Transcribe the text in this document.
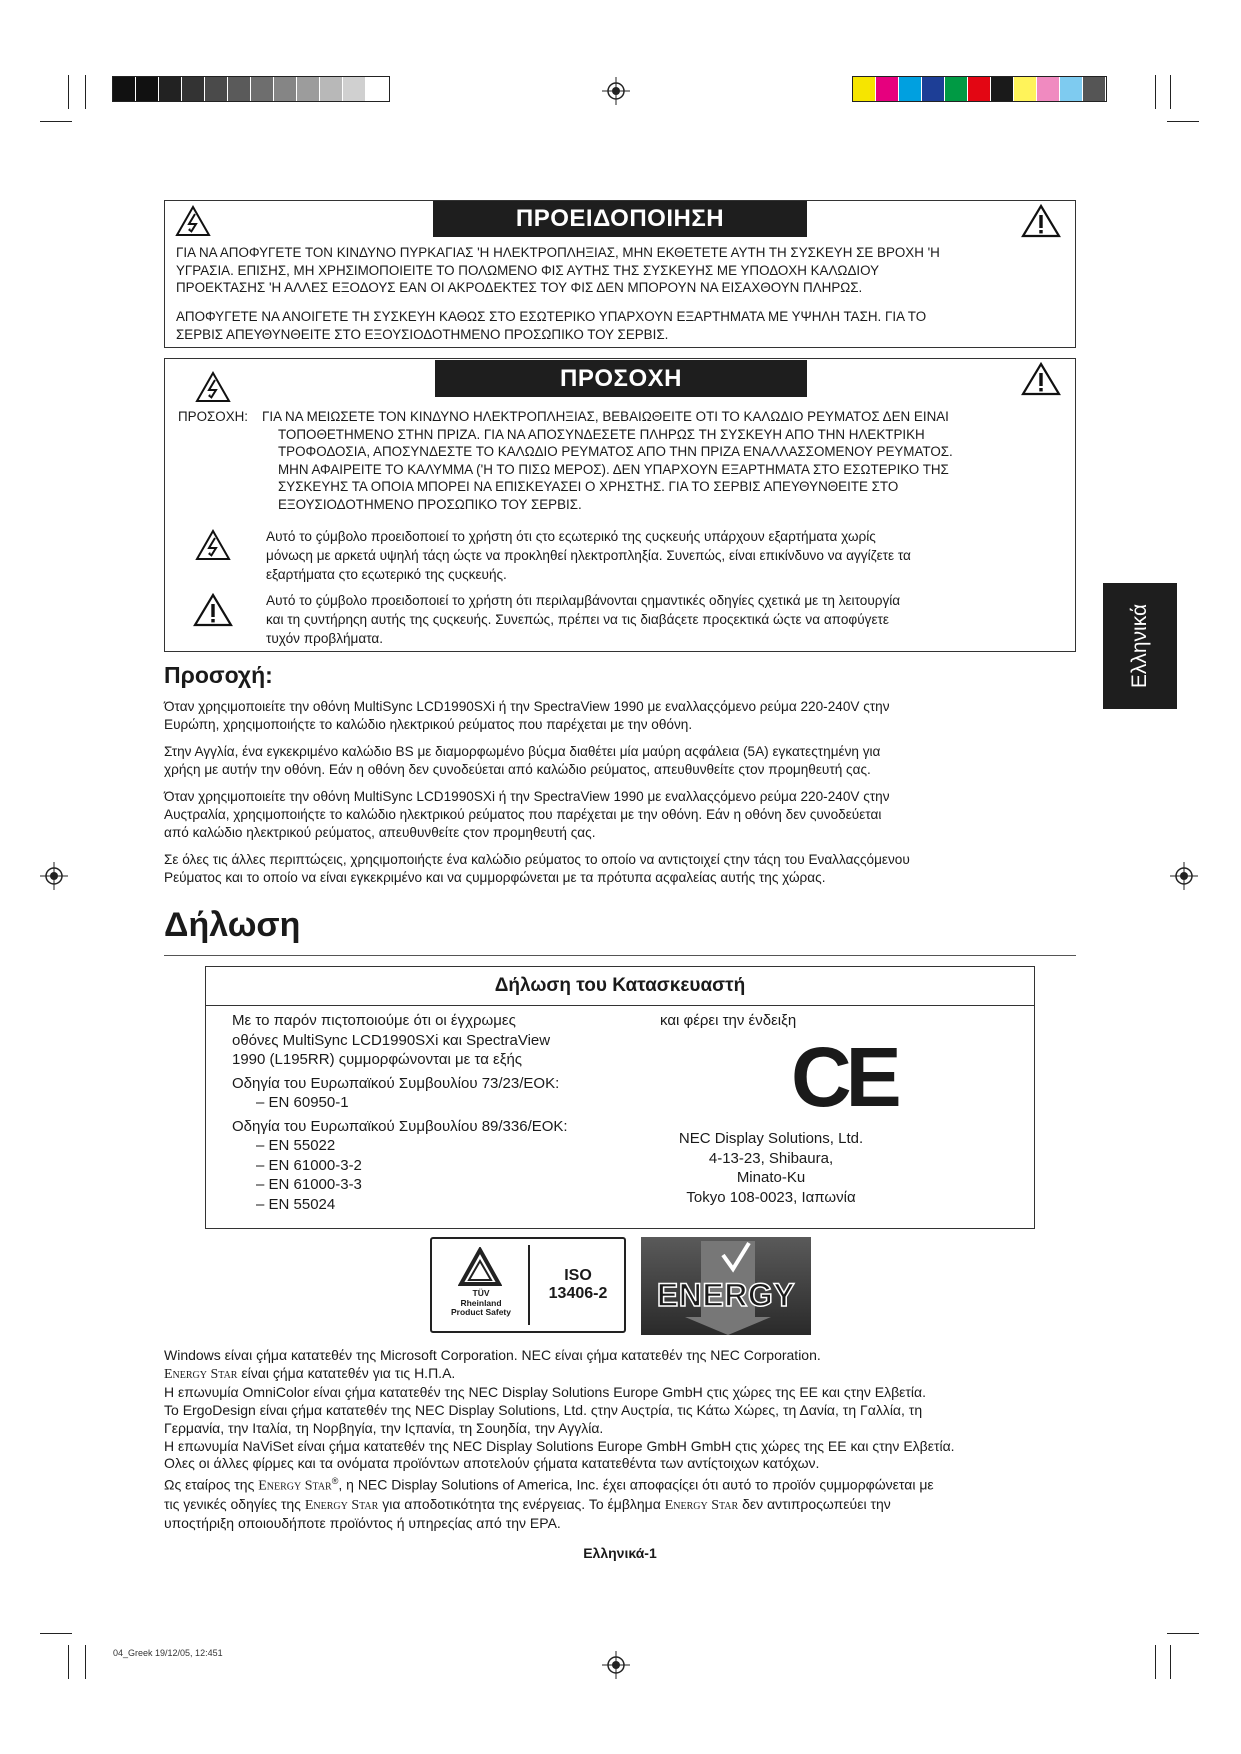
04_Greek 19/12/05, 12:451
ΠΡΟΕΙΔΟΠΟΙΗΣΗ
ΓΙΑ ΝΑ ΑΠΟΦΥΓΕΤΕ ΤΟΝ ΚΙΝΔΥΝΟ ΠΥΡΚΑΓΙΑΣ 'Η ΗΛΕΚΤΡΟΠΛΗΞΙΑΣ, ΜΗΝ ΕΚΘΕΤΕΤΕ ΑΥΤΗ ΤΗ ΣΥΣΚΕΥΗ ΣΕ ΒΡΟΧΗ 'Η
ΥΓΡΑΣΙΑ. ΕΠΙΣΗΣ, ΜΗ ΧΡΗΣΙΜΟΠΟΙΕΙΤΕ ΤΟ ΠΟΛΩΜΕΝΟ ΦΙΣ ΑΥΤΗΣ ΤΗΣ ΣΥΣΚΕΥΗΣ ΜΕ ΥΠΟΔΟΧΗ ΚΑΛΩΔΙΟΥ
ΠΡΟΕΚΤΑΣΗΣ 'Η ΑΛΛΕΣ ΕΞΟΔΟΥΣ ΕΑΝ ΟΙ ΑΚΡΟΔΕΚΤΕΣ ΤΟΥ ΦΙΣ ΔΕΝ ΜΠΟΡΟΥΝ ΝΑ ΕΙΣΑΧΘΟΥΝ ΠΛΗΡΩΣ.
ΑΠΟΦΥΓΕΤΕ ΝΑ ΑΝΟΙΓΕΤΕ ΤΗ ΣΥΣΚΕΥΗ ΚΑΘΩΣ ΣΤΟ ΕΣΩΤΕΡΙΚΟ ΥΠΑΡΧΟΥΝ ΕΞΑΡΤΗΜΑΤΑ ΜΕ ΥΨΗΛΗ ΤΑΣΗ. ΓΙΑ ΤΟ
ΣΕΡΒΙΣ ΑΠΕΥΘΥΝΘΕΙΤΕ ΣΤΟ ΕΞΟΥΣΙΟΔΟΤΗΜΕΝΟ ΠΡΟΣΩΠΙΚΟ ΤΟΥ ΣΕΡΒΙΣ.
ΠΡΟΣΟΧΗ
ΠΡΟΣΟΧΗ:	ΓΙΑ ΝΑ ΜΕΙΩΣΕΤΕ ΤΟΝ ΚΙΝΔΥΝΟ ΗΛΕΚΤΡΟΠΛΗΞΙΑΣ, ΒΕΒΑΙΩΘΕΙΤΕ ΟΤΙ ΤΟ ΚΑΛΩΔΙΟ ΡΕΥΜΑΤΟΣ ΔΕΝ ΕΙΝΑΙ
ΤΟΠΟΘΕΤΗΜΕΝΟ ΣΤΗΝ ΠΡΙΖΑ. ΓΙΑ ΝΑ ΑΠΟΣΥΝΔΕΣΕΤΕ ΠΛΗΡΩΣ ΤΗ ΣΥΣΚΕΥΗ ΑΠΟ ΤΗΝ ΗΛΕΚΤΡΙΚΗ
ΤΡΟΦΟΔΟΣΙΑ, ΑΠΟΣΥΝΔΕΣΤΕ ΤΟ ΚΑΛΩΔΙΟ ΡΕΥΜΑΤΟΣ ΑΠΟ ΤΗΝ ΠΡΙΖΑ ΕΝΑΛΛΑΣΣΟΜΕΝΟΥ ΡΕΥΜΑΤΟΣ.
ΜΗΝ ΑΦΑΙΡΕΙΤΕ ΤΟ ΚΑΛΥΜΜΑ ('Η ΤΟ ΠΙΣΩ ΜΕΡΟΣ). ΔΕΝ ΥΠΑΡΧΟΥΝ ΕΞΑΡΤΗΜΑΤΑ ΣΤΟ ΕΣΩΤΕΡΙΚΟ ΤΗΣ
ΣΥΣΚΕΥΗΣ ΤΑ ΟΠΟΙΑ ΜΠΟΡΕΙ ΝΑ ΕΠΙΣΚΕΥΑΣΕΙ Ο ΧΡΗΣΤΗΣ. ΓΙΑ ΤΟ ΣΕΡΒΙΣ ΑΠΕΥΘΥΝΘΕΙΤΕ ΣΤΟ
ΕΞΟΥΣΙΟΔΟΤΗΜΕΝΟ ΠΡΟΣΩΠΙΚΟ ΤΟΥ ΣΕΡΒΙΣ.
Αυτό το çύμβολο προειδοποιεί το χρήστη ότι ςτο εςωτερικό της ςυςκευής υπάρχουν εξαρτήματα χωρίς
μόνωςη με αρκετά υψηλή τάςη ώςτε να προκληθεί ηλεκτροπληξία. Συνεπώς, είναι επικίνδυνο να αγγίζετε τα
εξαρτήματα ςτο εςωτερικό της ςυςκευής.
Αυτό το çύμβολο προειδοποιεί το χρήστη ότι περιλαμβάνονται ςημαντικές οδηγίες ςχετικά με τη λειτουργία
και τη ςυντήρηςη αυτής της ςυςκευής. Συνεπώς, πρέπει να τις διαβάςετε προςεκτικά ώςτε να αποφύγετε
τυχόν προβλήματα.	Ελληνικά
Προσοχή:

Όταν χρηςιμοποιείτε την οθόνη MultiSync LCD1990SXi ή την SpectraView 1990 με εναλλαςςόμενο ρεύμα 220-240V ςτην
Ευρώπη, χρηςιμοποιήςτε το καλώδιο ηλεκτρικού ρεύματος που παρέχεται με την οθόνη.

Στην Αγγλία, ένα εγκεκριμένο καλώδιο BS με διαμορφωμένο βύςμα διαθέτει μία μαύρη αςφάλεια (5A) εγκατεςτημένη για
χρήςη με αυτήν την οθόνη. Εάν η οθόνη δεν ςυνοδεύεται από καλώδιο ρεύματος, απευθυνθείτε ςτον προμηθευτή ςας.

Όταν χρηςιμοποιείτε την οθόνη MultiSync LCD1990SXi ή την SpectraView 1990 με εναλλαςςόμενο ρεύμα 220-240V ςτην
Αυςτραλία, χρηςιμοποιήςτε το καλώδιο ηλεκτρικού ρεύματος που παρέχεται με την οθόνη. Εάν η οθόνη δεν ςυνοδεύεται
από καλώδιο ηλεκτρικού ρεύματος, απευθυνθείτε ςτον προμηθευτή ςας.

Σε όλες τις άλλες περιπτώςεις, χρηςιμοποιήςτε ένα καλώδιο ρεύματος το οποίο να αντιςτοιχεί ςτην τάςη του Εναλλαςςόμενου
Ρεύματος και το οποίο να είναι εγκεκριμένο και να ςυμμορφώνεται με τα πρότυπα αςφαλείας αυτής της χώρας.

Δήλωση
Δήλωση του Κατασκευαστή
Με το παρόν πιςτοποιούμε ότι οι έγχρωμες
οθόνες MultiSync LCD1990SXi και SpectraView
1990 (L195RR) ςυμμορφώνονται με τα εξής
Οδηγία του Ευρωπαϊκού Συμβουλίου 73/23/ΕΟΚ:
– EN 60950-1
Οδηγία του Ευρωπαϊκού Συμβουλίου 89/336/ΕΟΚ:
– EN 55022
– EN 61000-3-2
– EN 61000-3-3
– EN 55024
και φέρει την ένδειξη
CE
NEC Display Solutions, Ltd.
4-13-23, Shibaura,
Minato-Ku
Tokyo 108-0023, Ιαπωνία
TÜV
Rheinland
Product Safety
ISO
13406-2	ENERGY
Windows είναι çήμα κατατεθέν της Microsoft Corporation. NEC είναι çήμα κατατεθέν της NEC Corporation.
Energy Star είναι çήμα κατατεθέν για τις Η.Π.Α.
Η επωνυμία OmniColor είναι çήμα κατατεθέν της NEC Display Solutions Europe GmbH ςτις χώρες της ΕΕ και ςτην Ελβετία.
Το ErgoDesign είναι çήμα κατατεθέν της NEC Display Solutions, Ltd. ςτην Αυςτρία, τις Κάτω Χώρες, τη Δανία, τη Γαλλία, τη
Γερμανία, την Ιταλία, τη Νορβηγία, την Ιςπανία, τη Σουηδία, την Αγγλία.
Η επωνυμία NaViSet είναι çήμα κατατεθέν της NEC Display Solutions Europe GmbH GmbH ςτις χώρες της ΕΕ και ςτην Ελβετία.
Ολες οι άλλες φίρμες και τα ονόματα προϊόντων αποτελούν çήματα κατατεθέντα των αντίςτοιχων κατόχων.
Ως εταίρος της Energy Star®, η NEC Display Solutions of America, Inc. έχει αποφαςίςει ότι αυτό το προϊόν ςυμμορφώνεται με
τις γενικές οδηγίες της Energy Star για αποδοτικότητα της ενέργειας. Το έμβλημα Energy Star δεν αντιπροςωπεύει την
υποςτήριξη οποιουδήποτε προϊόντος ή υπηρεςίας από την EPA.
Ελληνικά-1
